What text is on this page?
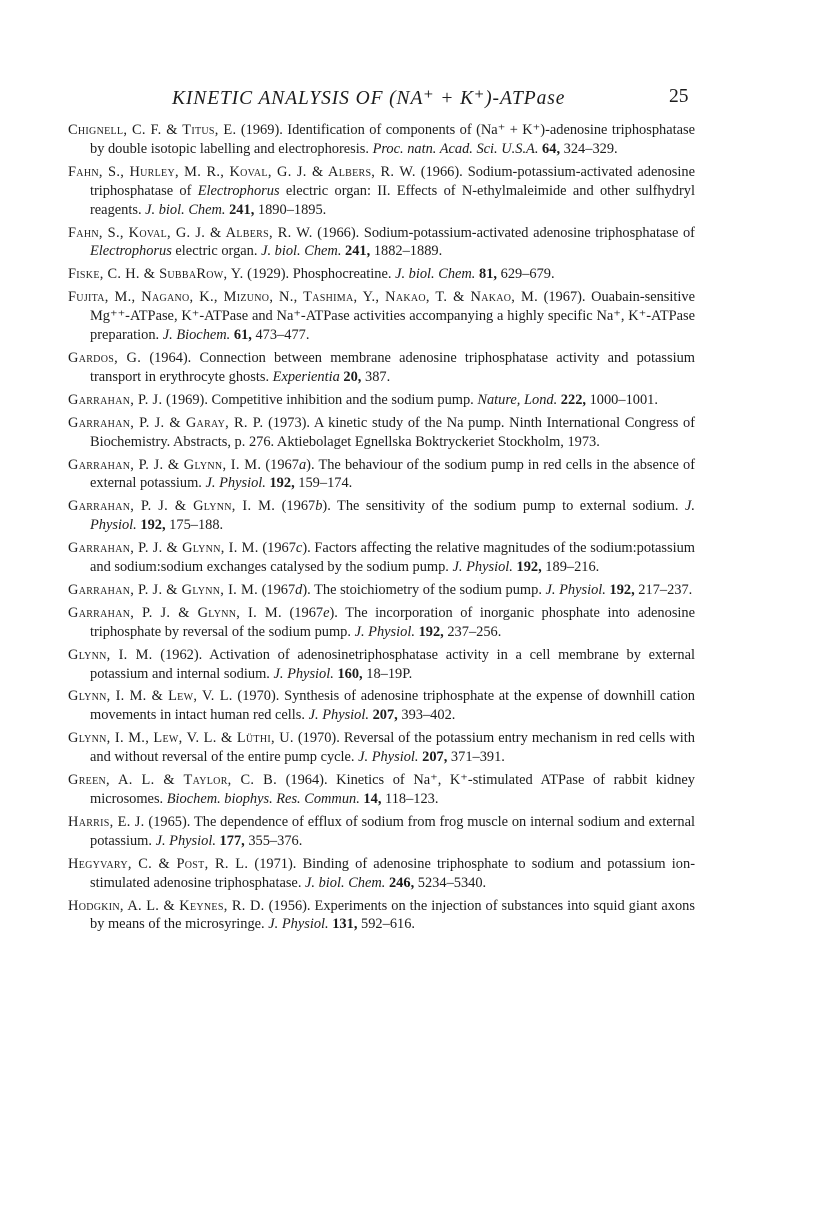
KINETIC ANALYSIS OF (NA⁺ + K⁺)-ATPase	25

Chignell, C. F. & Titus, E. (1969). Identification of components of (Na⁺ + K⁺)-adenosine triphosphatase by double isotopic labelling and electrophoresis. Proc. natn. Acad. Sci. U.S.A. 64, 324–329.

Fahn, S., Hurley, M. R., Koval, G. J. & Albers, R. W. (1966). Sodium-potassium-activated adenosine triphosphatase of Electrophorus electric organ: II. Effects of N-ethylmaleimide and other sulfhydryl reagents. J. biol. Chem. 241, 1890–1895.

Fahn, S., Koval, G. J. & Albers, R. W. (1966). Sodium-potassium-activated adenosine triphosphatase of Electrophorus electric organ. J. biol. Chem. 241, 1882–1889.

Fiske, C. H. & SubbaRow, Y. (1929). Phosphocreatine. J. biol. Chem. 81, 629–679.

Fujita, M., Nagano, K., Mizuno, N., Tashima, Y., Nakao, T. & Nakao, M. (1967). Ouabain-sensitive Mg⁺⁺-ATPase, K⁺-ATPase and Na⁺-ATPase activities accompanying a highly specific Na⁺, K⁺-ATPase preparation. J. Biochem. 61, 473–477.

Gardos, G. (1964). Connection between membrane adenosine triphosphatase activity and potassium transport in erythrocyte ghosts. Experientia 20, 387.

Garrahan, P. J. (1969). Competitive inhibition and the sodium pump. Nature, Lond. 222, 1000–1001.

Garrahan, P. J. & Garay, R. P. (1973). A kinetic study of the Na pump. Ninth International Congress of Biochemistry. Abstracts, p. 276. Aktiebolaget Egnellska Boktryckeriet Stockholm, 1973.

Garrahan, P. J. & Glynn, I. M. (1967a). The behaviour of the sodium pump in red cells in the absence of external potassium. J. Physiol. 192, 159–174.

Garrahan, P. J. & Glynn, I. M. (1967b). The sensitivity of the sodium pump to external sodium. J. Physiol. 192, 175–188.

Garrahan, P. J. & Glynn, I. M. (1967c). Factors affecting the relative magnitudes of the sodium:potassium and sodium:sodium exchanges catalysed by the sodium pump. J. Physiol. 192, 189–216.

Garrahan, P. J. & Glynn, I. M. (1967d). The stoichiometry of the sodium pump. J. Physiol. 192, 217–237.

Garrahan, P. J. & Glynn, I. M. (1967e). The incorporation of inorganic phosphate into adenosine triphosphate by reversal of the sodium pump. J. Physiol. 192, 237–256.

Glynn, I. M. (1962). Activation of adenosinetriphosphatase activity in a cell membrane by external potassium and internal sodium. J. Physiol. 160, 18–19P.

Glynn, I. M. & Lew, V. L. (1970). Synthesis of adenosine triphosphate at the expense of downhill cation movements in intact human red cells. J. Physiol. 207, 393–402.

Glynn, I. M., Lew, V. L. & Lüthi, U. (1970). Reversal of the potassium entry mechanism in red cells with and without reversal of the entire pump cycle. J. Physiol. 207, 371–391.

Green, A. L. & Taylor, C. B. (1964). Kinetics of Na⁺, K⁺-stimulated ATPase of rabbit kidney microsomes. Biochem. biophys. Res. Commun. 14, 118–123.

Harris, E. J. (1965). The dependence of efflux of sodium from frog muscle on internal sodium and external potassium. J. Physiol. 177, 355–376.

Hegyvary, C. & Post, R. L. (1971). Binding of adenosine triphosphate to sodium and potassium ion-stimulated adenosine triphosphatase. J. biol. Chem. 246, 5234–5340.

Hodgkin, A. L. & Keynes, R. D. (1956). Experiments on the injection of substances into squid giant axons by means of the microsyringe. J. Physiol. 131, 592–616.
